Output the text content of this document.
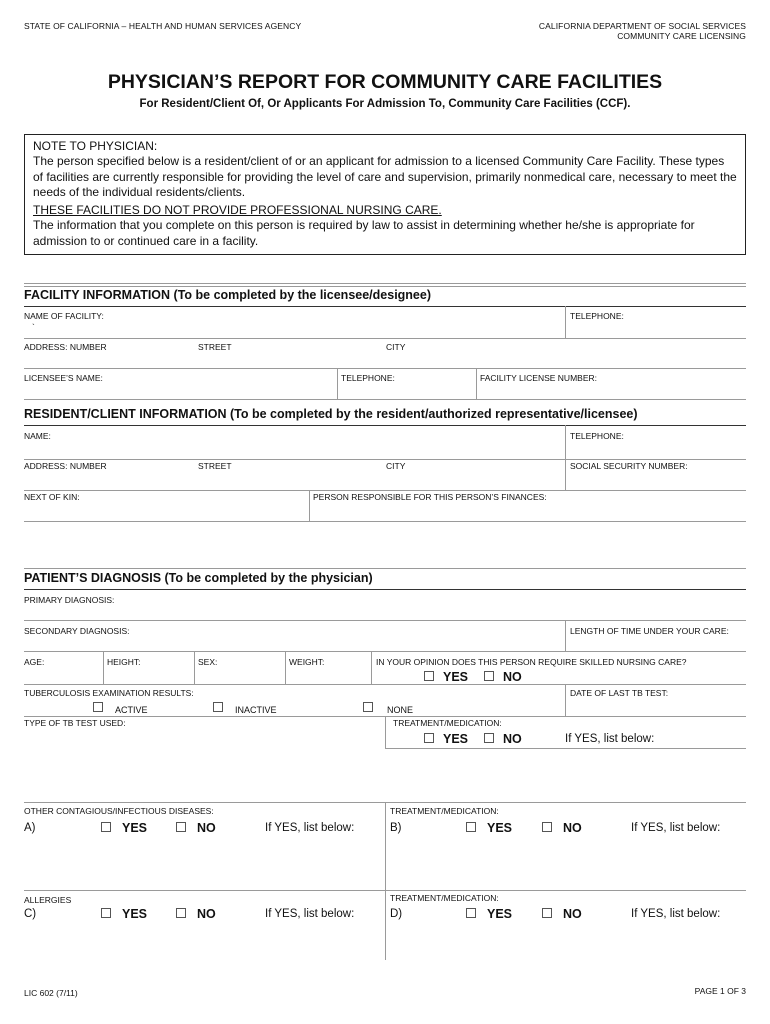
STATE OF CALIFORNIA – HEALTH AND HUMAN SERVICES AGENCY	CALIFORNIA DEPARTMENT OF SOCIAL SERVICES
COMMUNITY CARE LICENSING
PHYSICIAN’S REPORT FOR COMMUNITY CARE FACILITIES
For Resident/Client Of, Or Applicants For Admission To, Community Care Facilities (CCF).

NOTE TO PHYSICIAN:

The person specified below is a resident/client of or an applicant for admission to a licensed Community Care Facility. These types of facilities are currently responsible for providing the level of care and supervision, primarily nonmedical care, necessary to meet the needs of the individual residents/clients.

THESE FACILITIES DO NOT PROVIDE PROFESSIONAL NURSING CARE.

The information that you complete on this person is required by law to assist in determining whether he/she is appropriate for admission to or continued care in a facility.

FACILITY INFORMATION (To be completed by the licensee/designee)
NAME OF FACILITY:
`
TELEPHONE:
ADDRESS: NUMBER	STREET	CITY
LICENSEE’S NAME:	TELEPHONE:	FACILITY LICENSE NUMBER:
RESIDENT/CLIENT INFORMATION (To be completed by the resident/authorized representative/licensee)
NAME:	TELEPHONE:
ADDRESS: NUMBER	STREET	CITY	SOCIAL SECURITY NUMBER:
NEXT OF KIN:	PERSON RESPONSIBLE FOR THIS PERSON’S FINANCES:
PATIENT’S DIAGNOSIS (To be completed by the physician)
PRIMARY DIAGNOSIS:
SECONDARY DIAGNOSIS:	LENGTH OF TIME UNDER YOUR CARE:
AGE:	HEIGHT:	SEX:	WEIGHT:	IN YOUR OPINION DOES THIS PERSON REQUIRE SKILLED NURSING CARE?
YES	NO
TUBERCULOSIS EXAMINATION RESULTS:	DATE OF LAST TB TEST:
ACTIVE	INACTIVE	NONE
TYPE OF TB TEST USED:	TREATMENT/MEDICATION:
YES	NO	If YES, list below:
OTHER CONTAGIOUS/INFECTIOUS DISEASES:	TREATMENT/MEDICATION:
A)	YES	NO	If YES, list below:	B)	YES	NO	If YES, list below:
ALLERGIES	TREATMENT/MEDICATION:
C)	YES	NO	If YES, list below:	D)	YES	NO	If YES, list below:
LIC 602 (7/11)	PAGE 1 OF 3
